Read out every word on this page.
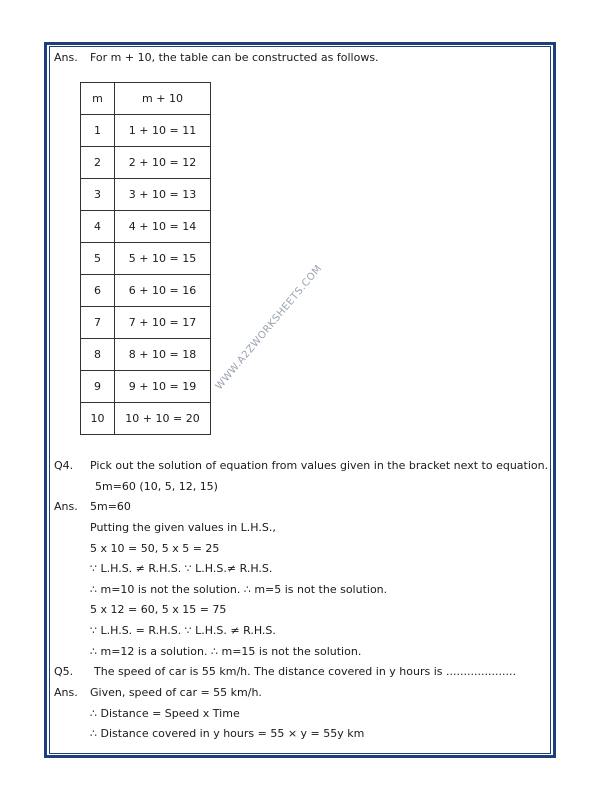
Ans. For m + 10, the table can be constructed as follows.
m	m + 10
1	1 + 10 = 11
2	2 + 10 = 12
3	3 + 10 = 13
4	4 + 10 = 14
5	5 + 10 = 15
6	6 + 10 = 16
7	7 + 10 = 17
8	8 + 10 = 18
9	9 + 10 = 19
10	10 + 10 = 20
WWW.A2ZWORKSHEETS.COM
Q4. Pick out the solution of equation from values given in the bracket next to equation.
5m=60 (10, 5, 12, 15)
Ans. 5m=60
Putting the given values in L.H.S.,
5 x 10 = 50, 5 x 5 = 25
∵ L.H.S. ≠ R.H.S. ∵ L.H.S.≠ R.H.S.
∴ m=10 is not the solution. ∴ m=5 is not the solution.
5 x 12 = 60, 5 x 15 = 75
∵ L.H.S. = R.H.S. ∵ L.H.S. ≠ R.H.S.
∴ m=12 is a solution. ∴ m=15 is not the solution.
Q5. The speed of car is 55 km/h. The distance covered in y hours is ....................
Ans. Given, speed of car = 55 km/h.
∴ Distance = Speed x Time
∴ Distance covered in y hours = 55 × y = 55y km
